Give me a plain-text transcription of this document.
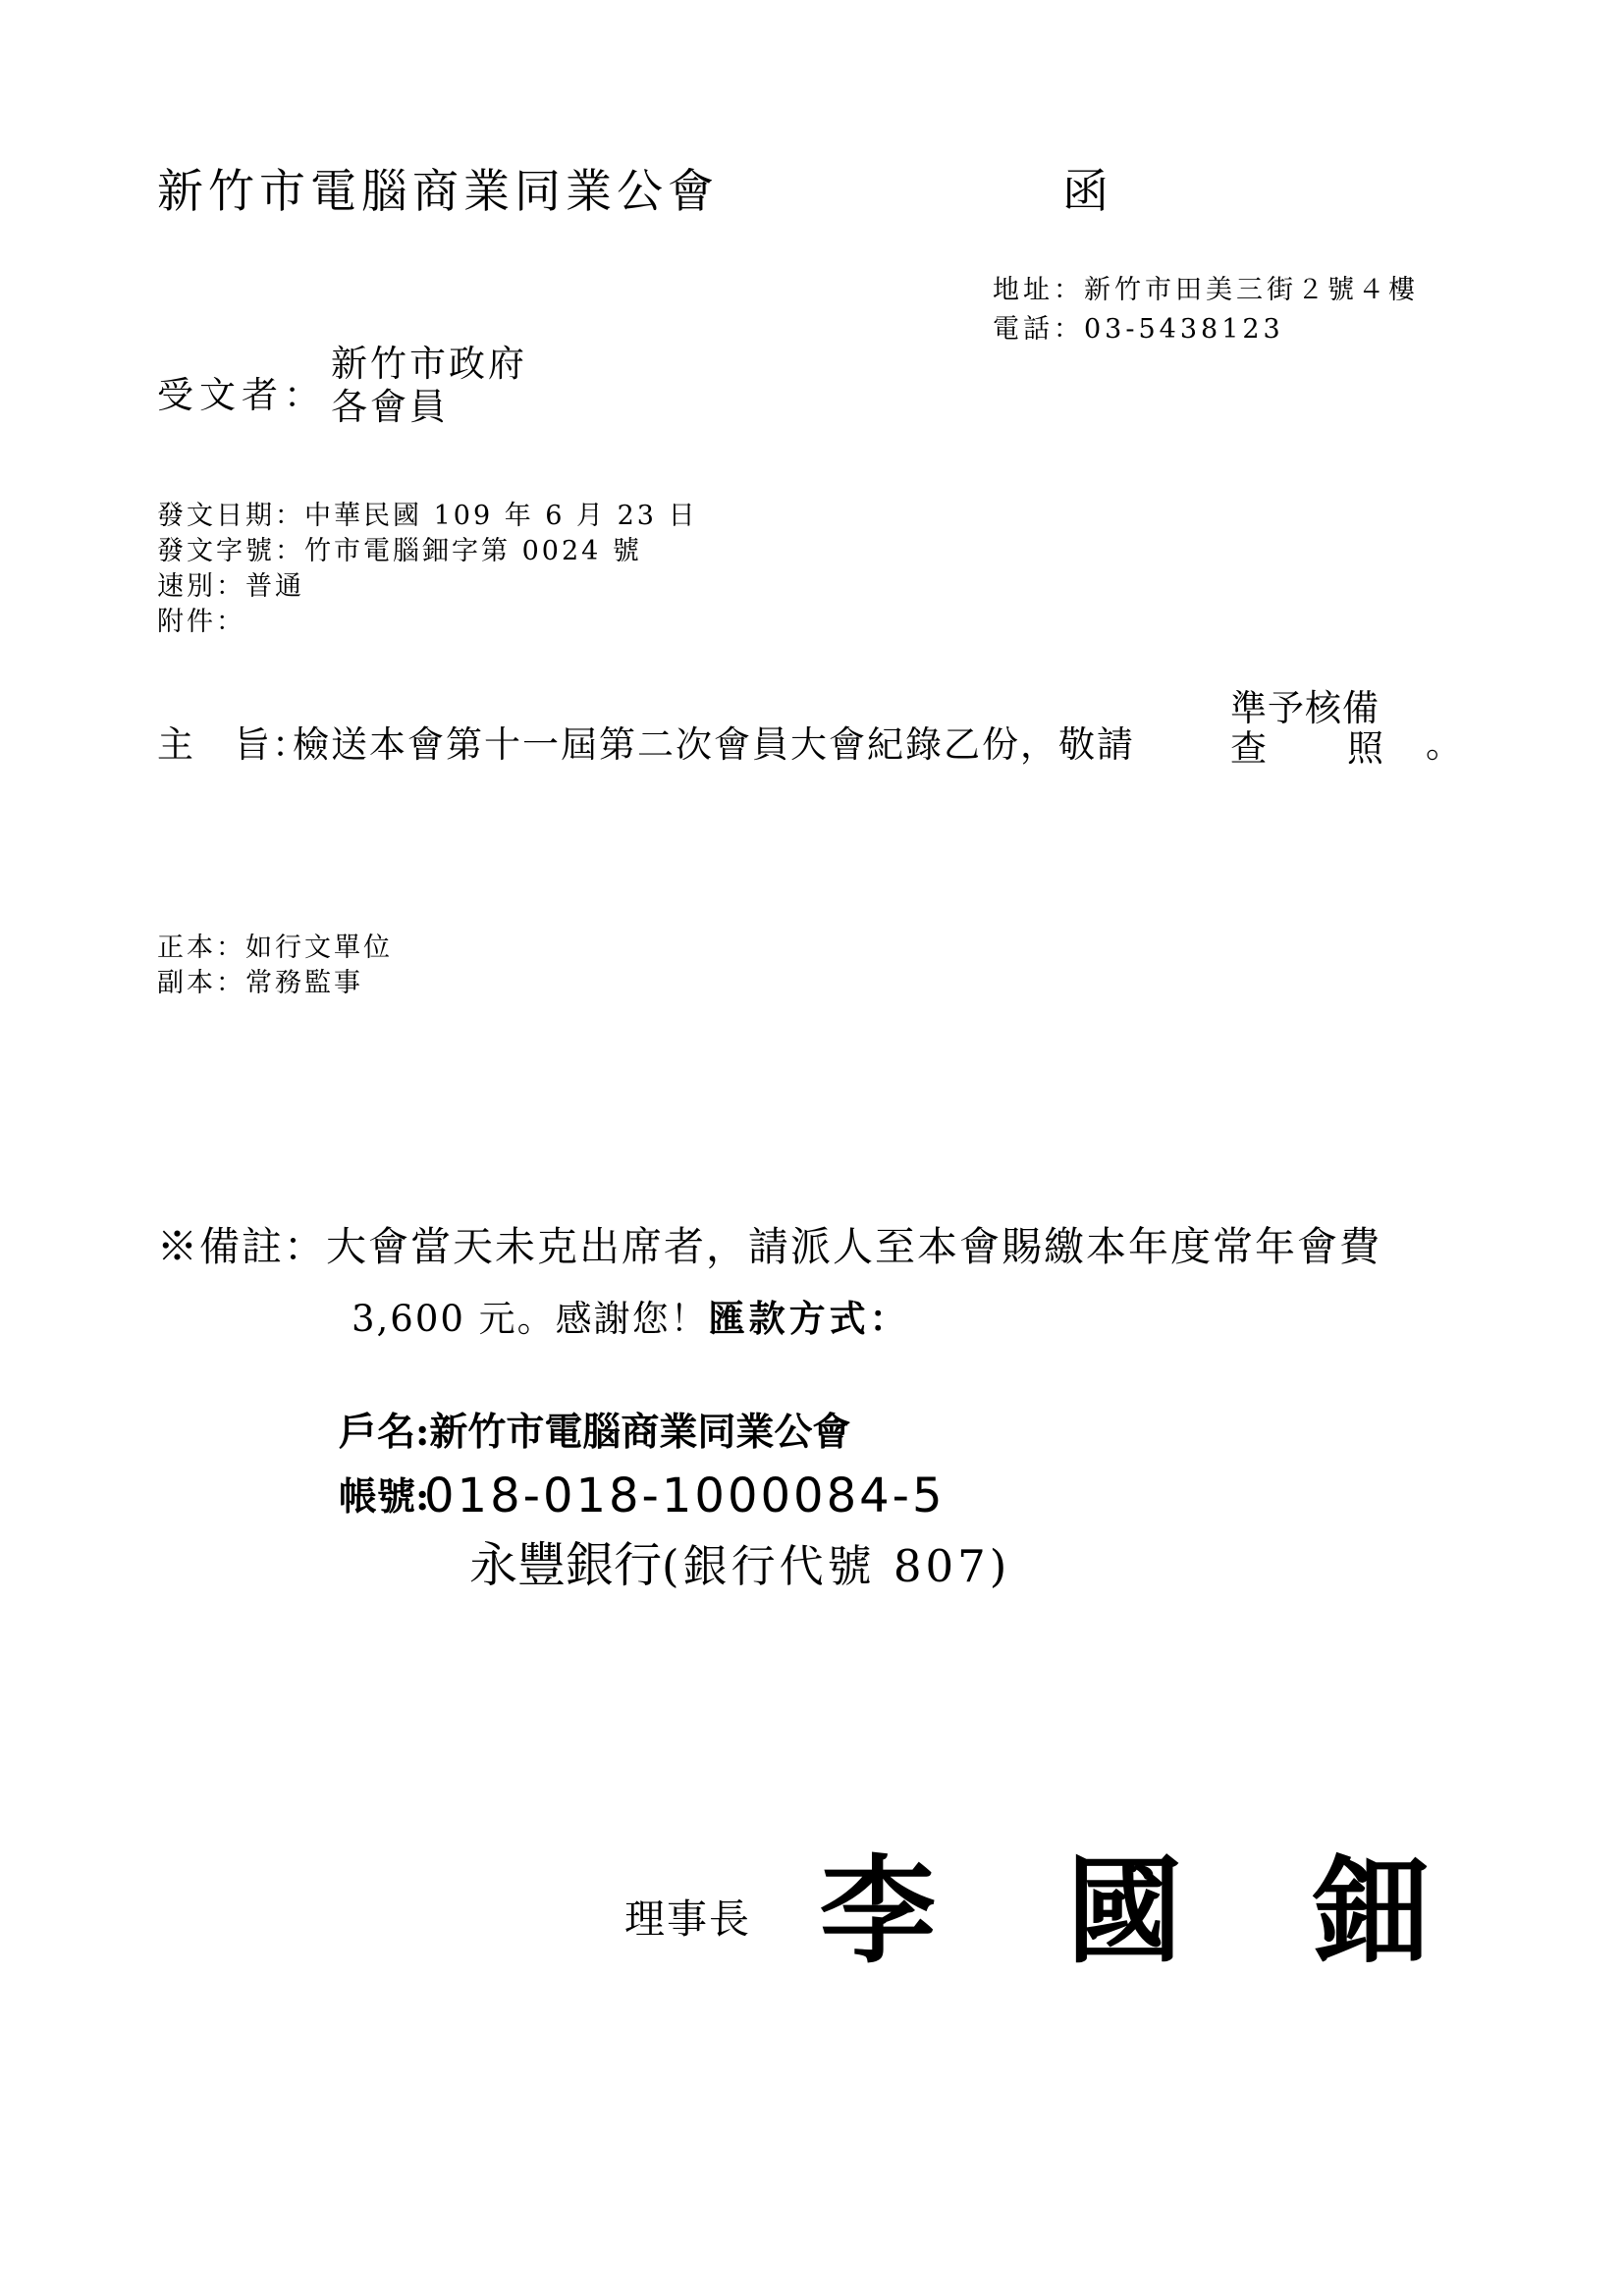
新竹市電腦商業同業公會	函
地址：新竹市田美三街２號４樓
電話：03-5438123
受文者：
新竹市政府
各會員
發文日期：中華民國 109 年 6 月 23 日
發文字號：竹市電腦鈿字第 0024 號
速別：普通
附件：
主　旨：檢送本會第十一屆第二次會員大會紀錄乙份，敬請
準予核備
查 照 。
正本：如行文單位
副本：常務監事
※備註：大會當天未克出席者，請派人至本會賜繳本年度常年會費
3,600 元。感謝您！匯款方式：
戶名:新竹市電腦商業同業公會
帳號:
018-018-1000084-5
永豐銀行(銀行代號 807)
理事長 李 國 鈿
